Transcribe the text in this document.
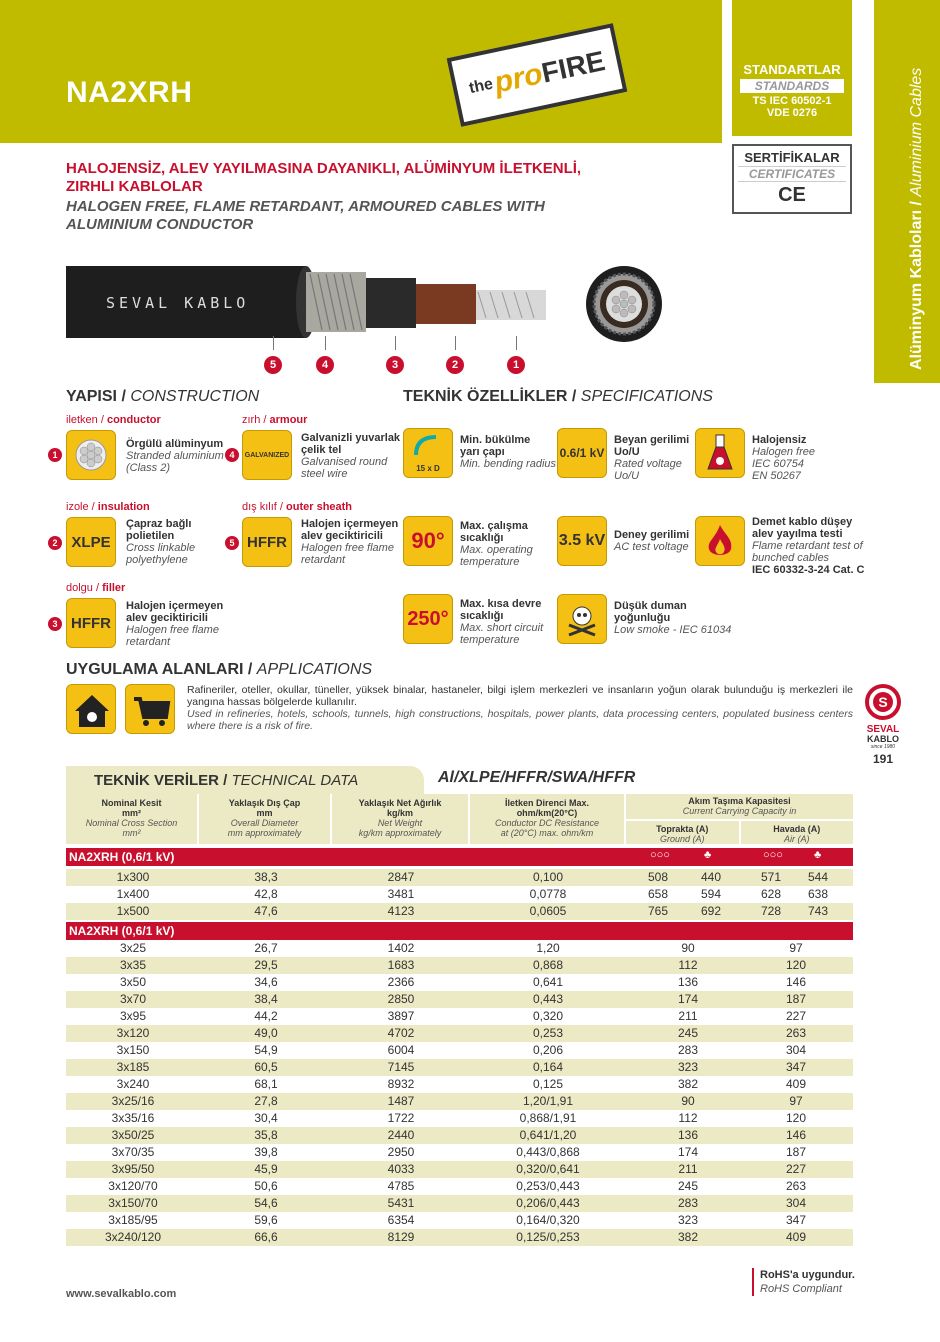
NA2XRH	the
pro
FIRE	STANDARTLAR
STANDARDS
TS IEC 60502-1
VDE 0276
SERTİFİKALAR
CERTIFICATES
CE
Alüminyum Kabloları / Aluminium Cables
HALOJENSİZ, ALEV YAYILMASINA DAYANIKLI, ALÜMİNYUM İLETKENLİ,
ZIRHLI KABLOLAR
HALOGEN FREE, FLAME RETARDANT, ARMOURED CABLES WITH
ALUMINIUM CONDUCTOR
SEVAL KABLO
5	4	3	2	1
YAPISI / CONSTRUCTION
iletken / conductor
1
Örgülü alüminyum
Stranded aluminium
(Class 2)
zırh / armour
4	GALVANIZED
Galvanizli yuvarlak
çelik tel
Galvanised round
steel wire
izole / insulation
2 XLPE
Çapraz bağlı
polietilen
Cross linkable
polyethylene
dış kılıf / outer sheath
5 HFFR
Halojen içermeyen
alev geciktiricili
Halogen free flame
retardant
dolgu / filler
3 HFFR
Halojen içermeyen
alev geciktiricili
Halogen free flame
retardant
TEKNİK ÖZELLİKLER / SPECIFICATIONS
15 x D
Min. bükülme
yarı çapı
Min. bending radius
0.6/1 kV
Beyan gerilimi
Uo/U
Rated voltage
Uo/U
Halojensiz
Halogen free
IEC 60754
EN 50267
90°
Max. çalışma
sıcaklığı
Max. operating
temperature
3.5 kV Deney gerilimi
AC test voltage
Demet kablo düşey
alev yayılma testi
Flame retardant test of
bunched cables
IEC 60332-3-24 Cat. C
250°
Max. kısa devre
sıcaklığı
Max. short circuit
temperature
Düşük duman
yoğunluğu
Low smoke - IEC 61034
UYGULAMA ALANLARI / APPLICATIONS
Rafineriler, oteller, okullar, tüneller, yüksek binalar, hastaneler, bilgi işlem merkezleri ve insanların yoğun olarak bulunduğu iş merkezleri ile yangına hassas bölgelerde kullanılır.
Used in refineries, hotels, schools, tunnels, high constructions, hospitals, power plants, data processing centers, populated business centers where there is a risk of fire.
S
SEVAL
KABLO
since 1980
191
TEKNİK VERİLER / TECHNICAL DATA	Al/XLPE/HFFR/SWA/HFFR
Nominal Kesit
mm²
Nominal Cross Section
mm²
Yaklaşık Dış Çap
mm
Overall Diameter
mm approximately
Yaklaşık Net Ağırlık
kg/km
Net Weight
kg/km approximately
İletken Direnci Max.
ohm/km(20°C)
Conductor DC Resistance
at (20°C) max. ohm/km
Akım Taşıma Kapasitesi
Current Carrying Capacity in
Toprakta (A)
Ground (A)
Havada (A)
Air (A)
NA2XRH (0,6/1 kV)	○○○	♣	○○○	♣
1x300	38,3	2847	0,100	508	440	571	544
1x400	42,8	3481	0,0778	658	594	628	638
1x500	47,6	4123	0,0605	765	692	728	743
NA2XRH (0,6/1 kV)
3x25	26,7	1402	1,20	90	97
3x35	29,5	1683	0,868	112	120
3x50	34,6	2366	0,641	136	146
3x70	38,4	2850	0,443	174	187
3x95	44,2	3897	0,320	211	227
3x120	49,0	4702	0,253	245	263
3x150	54,9	6004	0,206	283	304
3x185	60,5	7145	0,164	323	347
3x240	68,1	8932	0,125	382	409
3x25/16	27,8	1487	1,20/1,91	90	97
3x35/16	30,4	1722	0,868/1,91	112	120
3x50/25	35,8	2440	0,641/1,20	136	146
3x70/35	39,8	2950	0,443/0,868	174	187
3x95/50	45,9	4033	0,320/0,641	211	227
3x120/70	50,6	4785	0,253/0,443	245	263
3x150/70	54,6	5431	0,206/0,443	283	304
3x185/95	59,6	6354	0,164/0,320	323	347
3x240/120	66,6	8129	0,125/0,253	382	409
www.sevalkablo.com
RoHS'a uygundur.
RoHS Compliant
